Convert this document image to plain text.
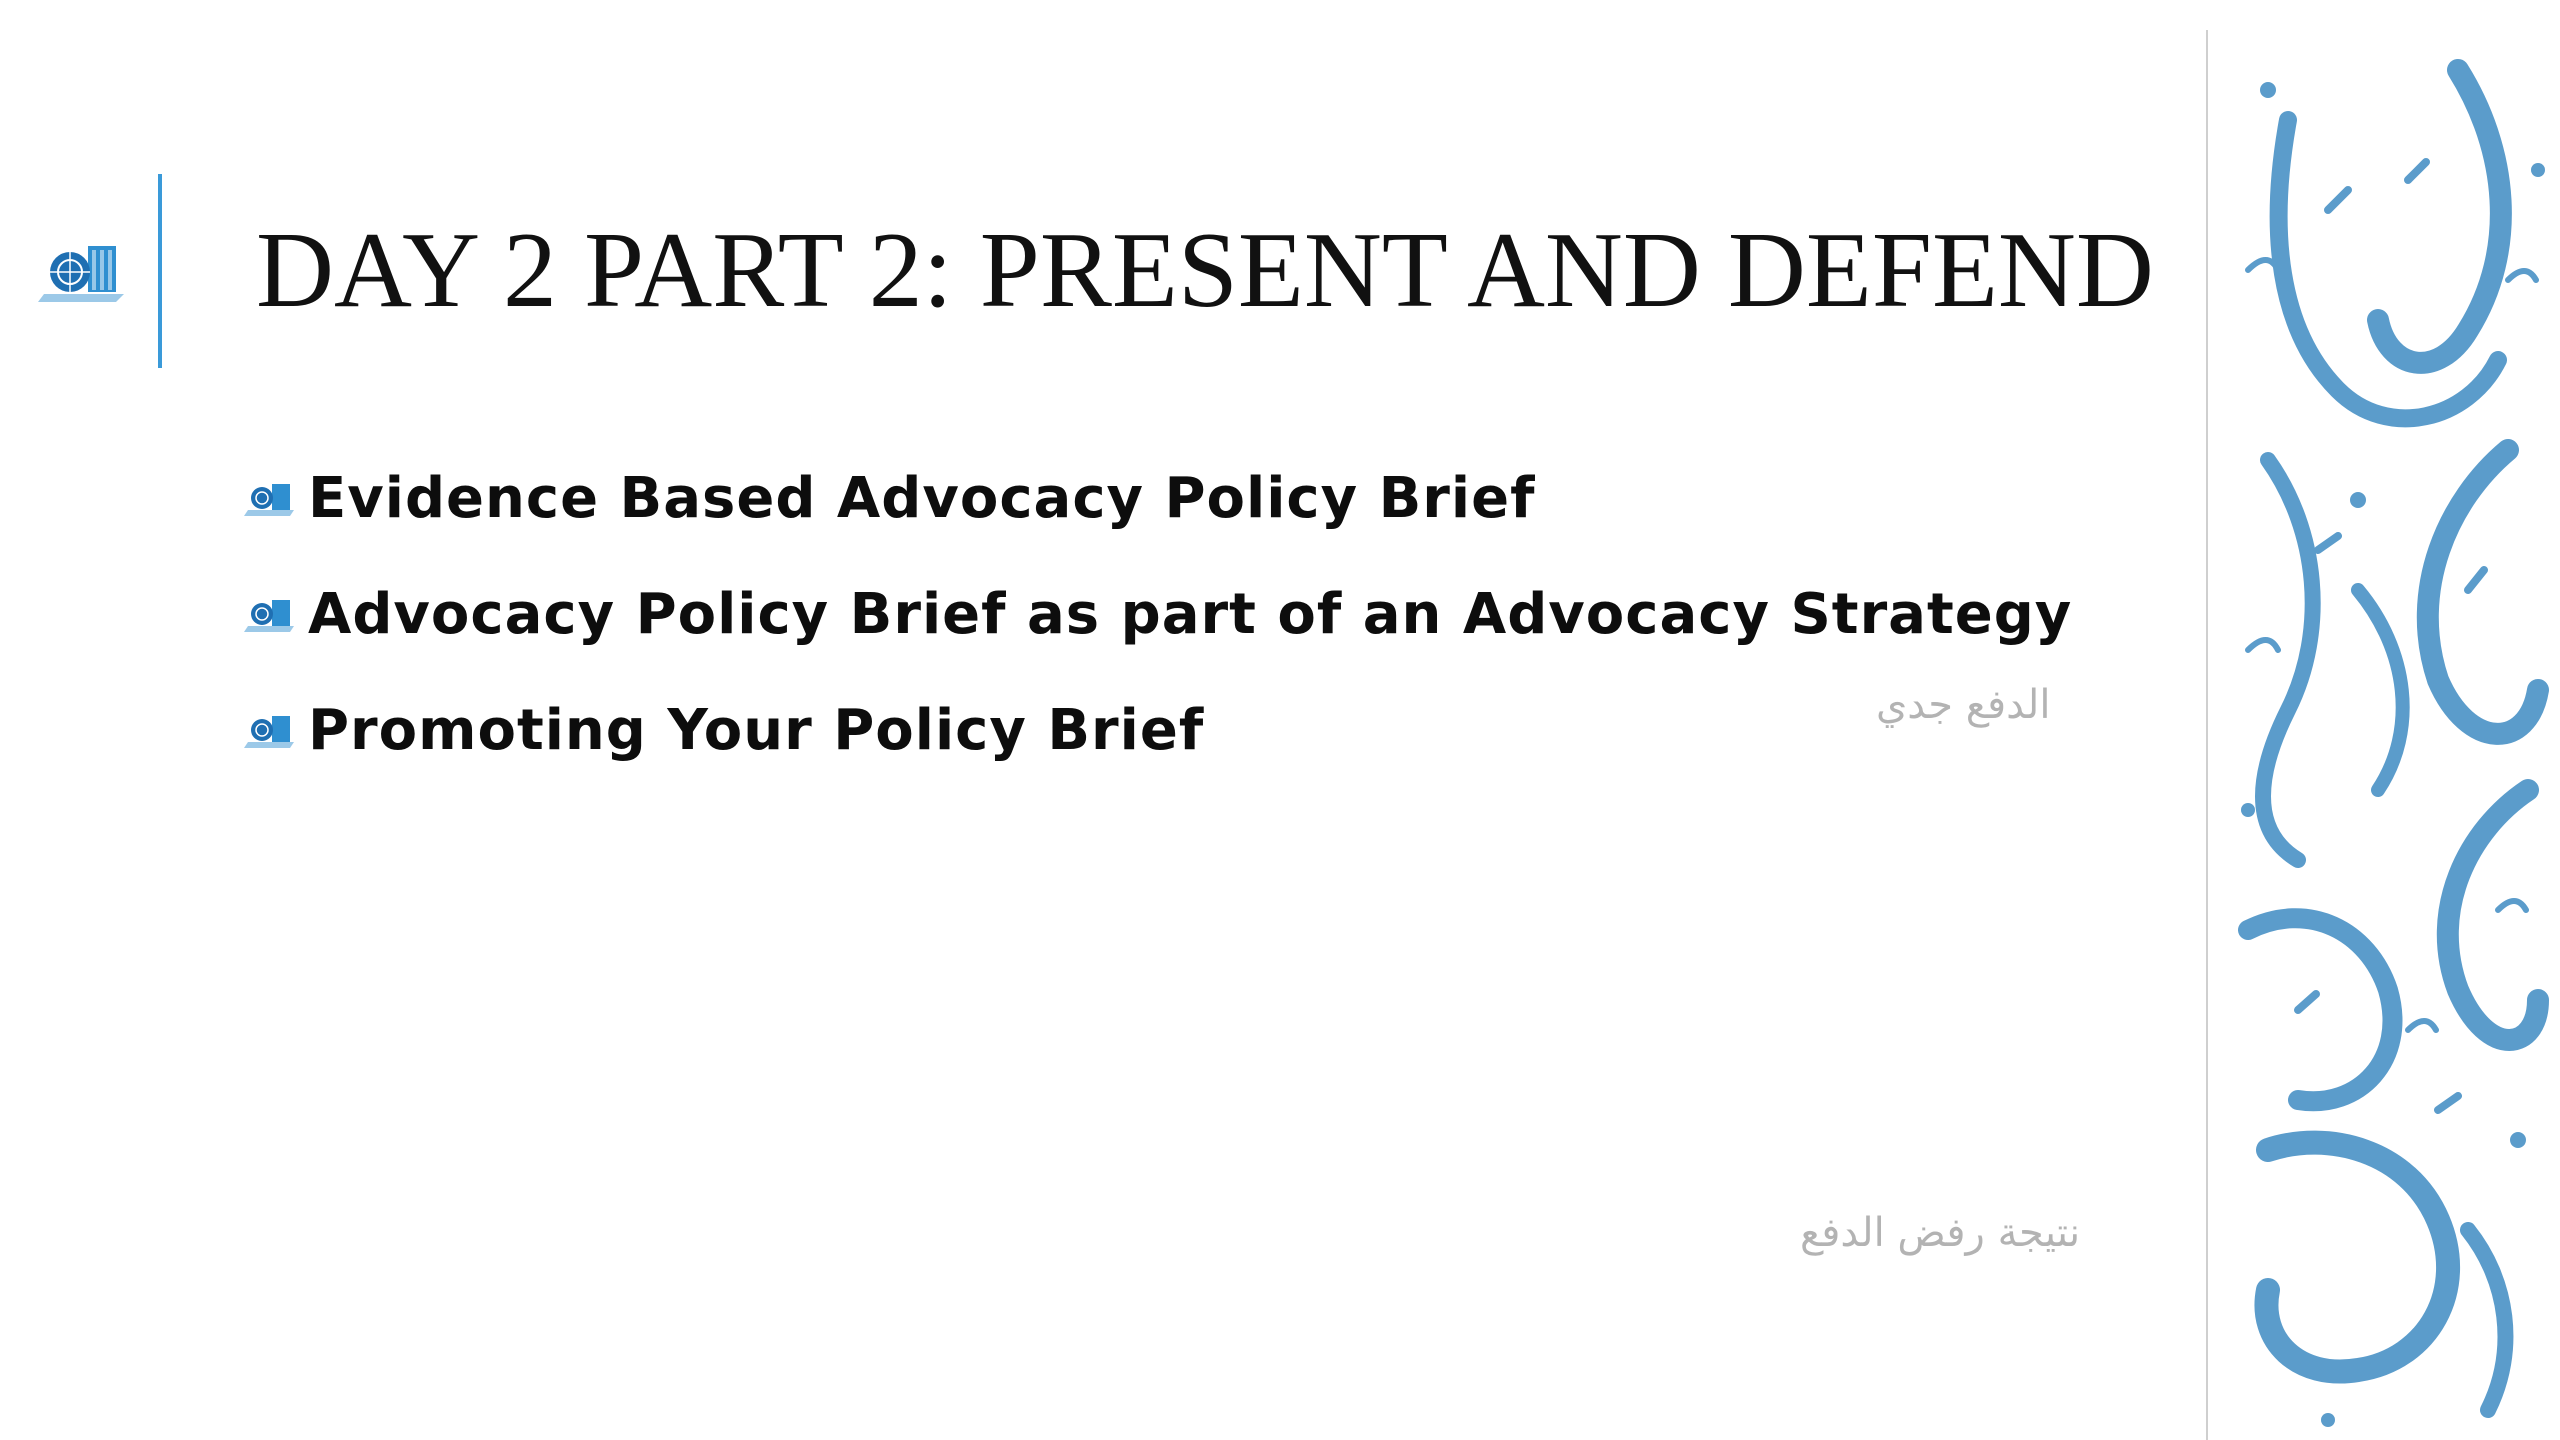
DAY 2 PART 2: PRESENT AND DEFEND
Evidence Based Advocacy Policy Brief
Advocacy Policy Brief as part of an Advocacy Strategy
Promoting Your Policy Brief	الدفع جدي
نتيجة رفض الدفع
